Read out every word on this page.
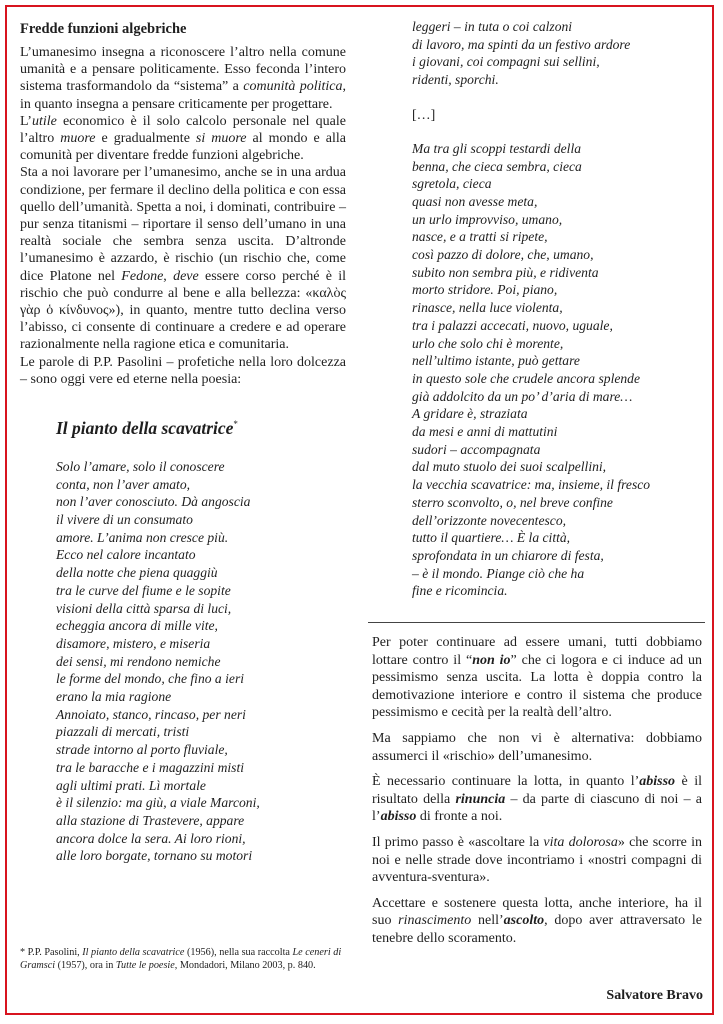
Fredde funzioni algebriche

L’umanesimo insegna a riconoscere l’altro nella comune umanità e a pensare politicamente. Esso feconda l’intero sistema trasformandolo da “sistema” a comunità politica, in quanto insegna a pensare criticamente per progettare.

L’utile economico è il solo calcolo personale nel quale l’altro muore e gradualmente si muore al mondo e alla comunità per diventare fredde funzioni algebriche.

Sta a noi lavorare per l’umanesimo, anche se in una ardua condizione, per fermare il declino della politica e con essa quello dell’umanità. Spetta a noi, i dominati, contribuire –pur senza titanismi – riportare il senso dell’umano in una realtà sociale che sembra senza uscita. D’altronde l’umanesimo è azzardo, è rischio (un rischio che, come dice Platone nel Fedone, deve essere corso perché è il rischio che può condurre al bene e alla bellezza: «καλὸς γὰρ ὁ κίνδυνος»), in quanto, mentre tutto declina verso l’abisso, ci consente di continuare a credere e ad operare razionalmente nella ragione etica e comunitaria.

Le parole di P.P. Pasolini – profetiche nella loro dolcezza – sono oggi vere ed eterne nella poesia:

Il pianto della scavatrice*
Solo l’amare, solo il conoscere
conta, non l’aver amato,
non l’aver conosciuto. Dà angoscia
il vivere di un consumato
amore. L’anima non cresce più.
Ecco nel calore incantato
della notte che piena quaggiù
tra le curve del fiume e le sopite
visioni della città sparsa di luci,
echeggia ancora di mille vite,
disamore, mistero, e miseria
dei sensi, mi rendono nemiche
le forme del mondo, che fino a ieri
erano la mia ragione
Annoiato, stanco, rincaso, per neri
piazzali di mercati, tristi
strade intorno al porto fluviale,
tra le baracche e i magazzini misti
agli ultimi prati. Lì mortale
è il silenzio: ma giù, a viale Marconi,
alla stazione di Trastevere, appare
ancora dolce la sera. Ai loro rioni,
alle loro borgate, tornano su motori
* P.P. Pasolini, Il pianto della scavatrice (1956), nella sua raccolta Le ceneri di Gramsci (1957), ora in Tutte le poesie, Mondadori, Milano 2003, p. 840.
leggeri – in tuta o coi calzoni
di lavoro, ma spinti da un festivo ardore
i giovani, coi compagni sui sellini,
ridenti, sporchi.
[…]
Ma tra gli scoppi testardi della
benna, che cieca sembra, cieca
sgretola, cieca
quasi non avesse meta,
un urlo improvviso, umano,
nasce, e a tratti si ripete,
così pazzo di dolore, che, umano,
subito non sembra più, e ridiventa
morto stridore. Poi, piano,
rinasce, nella luce violenta,
tra i palazzi accecati, nuovo, uguale,
urlo che solo chi è morente,
nell’ultimo istante, può gettare
in questo sole che crudele ancora splende
già addolcito da un po’ d’aria di mare…
A gridare è, straziata
da mesi e anni di mattutini
sudori – accompagnata
dal muto stuolo dei suoi scalpellini,
la vecchia scavatrice: ma, insieme, il fresco
sterro sconvolto, o, nel breve confine
dell’orizzonte novecentesco,
tutto il quartiere… È la città,
sprofondata in un chiarore di festa,
– è il mondo. Piange ciò che ha
fine e ricomincia.

Per poter continuare ad essere umani, tutti dobbiamo lottare contro il “non io” che ci logora e ci induce ad un pessimismo senza uscita. La lotta è doppia contro la demotivazione interiore e contro il sistema che produce pessimismo e cecità per la realtà dell’altro.

Ma sappiamo che non vi è alternativa: dobbiamo assumerci il «rischio» dell’umanesimo.

È necessario continuare la lotta, in quanto l’abisso è il risultato della rinuncia – da parte di ciascuno di noi – a l’abisso di fronte a noi.

Il primo passo è «ascoltare la vita dolorosa» che scorre in noi e nelle strade dove incontriamo i «nostri compagni di avventura-sventura».

Accettare e sostenere questa lotta, anche interiore, ha il suo rinascimento nell’ascolto, dopo aver attraversato le tenebre dello scoramento.

Salvatore Bravo
